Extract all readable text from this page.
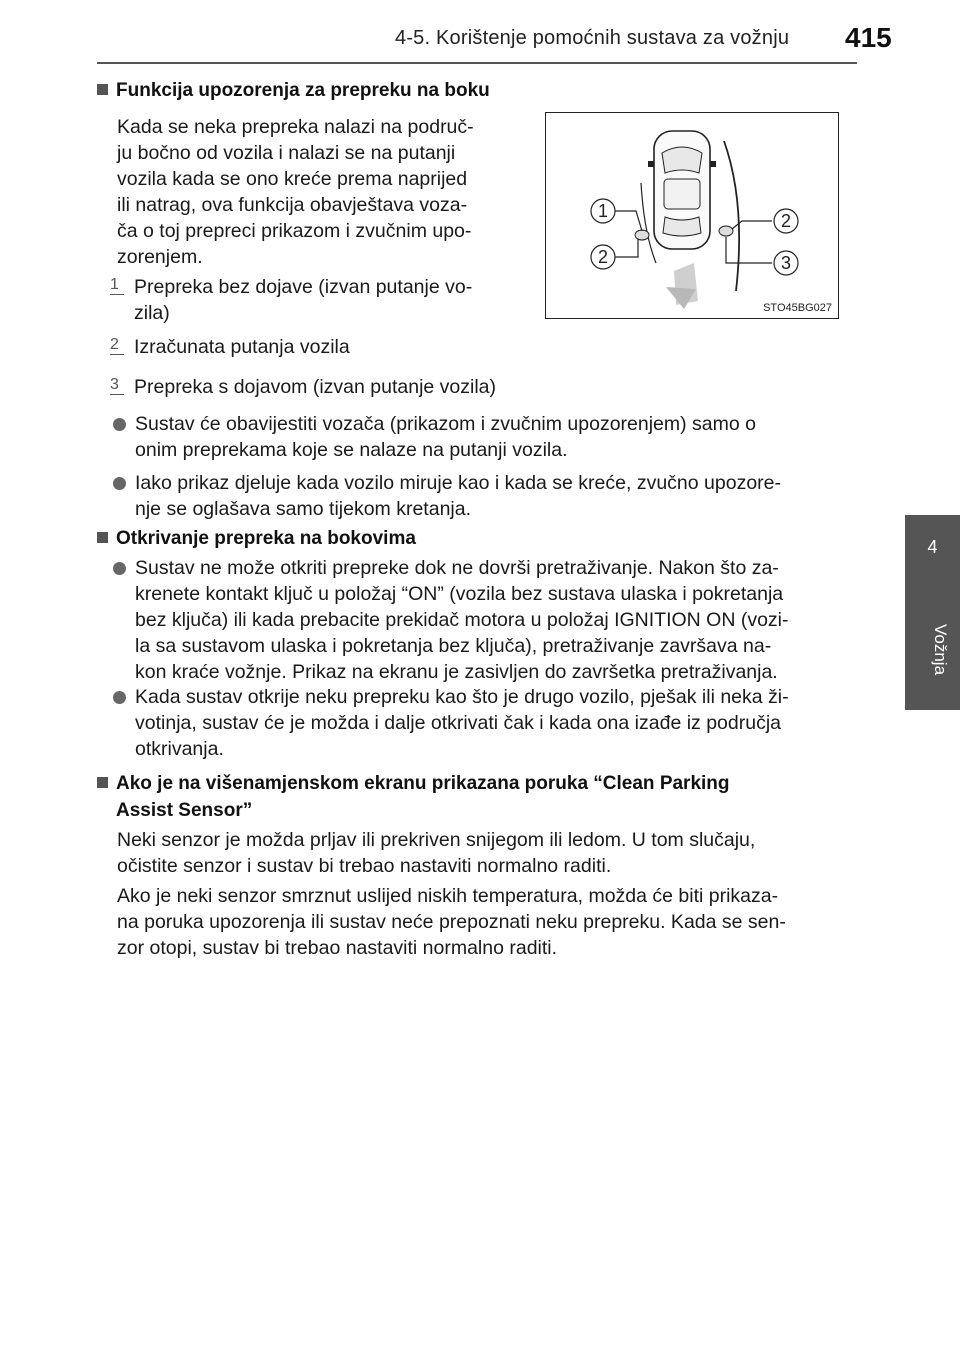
4-5. Korištenje pomoćnih sustava za vožnju 415
4
Vožnja
Funkcija upozorenja za prepreku na boku
Kada se neka prepreka nalazi na područ-
ju bočno od vozila i nalazi se na putanji
vozila kada se ono kreće prema naprijed
ili natrag, ova funkcija obavještava voza-
ča o toj prepreci prikazom i zvučnim upo-
zorenjem.
1
2
2
3
STO45BG027
1 Prepreka bez dojave (izvan putanje vo-
zila)
2 Izračunata putanja vozila
3 Prepreka s dojavom (izvan putanje vozila)
Sustav će obavijestiti vozača (prikazom i zvučnim upozorenjem) samo o
onim preprekama koje se nalaze na putanji vozila.
Iako prikaz djeluje kada vozilo miruje kao i kada se kreće, zvučno upozore-
nje se oglašava samo tijekom kretanja.
Otkrivanje prepreka na bokovima
Sustav ne može otkriti prepreke dok ne dovrši pretraživanje. Nakon što za-
krenete kontakt ključ u položaj “ON” (vozila bez sustava ulaska i pokretanja
bez ključa) ili kada prebacite prekidač motora u položaj IGNITION ON (vozi-
la sa sustavom ulaska i pokretanja bez ključa), pretraživanje završava na-
kon kraće vožnje. Prikaz na ekranu je zasivljen do završetka pretraživanja.
Kada sustav otkrije neku prepreku kao što je drugo vozilo, pješak ili neka ži-
votinja, sustav će je možda i dalje otkrivati čak i kada ona izađe iz područja
otkrivanja.
Ako je na višenamjenskom ekranu prikazana poruka “Clean Parking
Assist Sensor”
Neki senzor je možda prljav ili prekriven snijegom ili ledom. U tom slučaju,
očistite senzor i sustav bi trebao nastaviti normalno raditi.
Ako je neki senzor smrznut uslijed niskih temperatura, možda će biti prikaza-
na poruka upozorenja ili sustav neće prepoznati neku prepreku. Kada se sen-
zor otopi, sustav bi trebao nastaviti normalno raditi.
